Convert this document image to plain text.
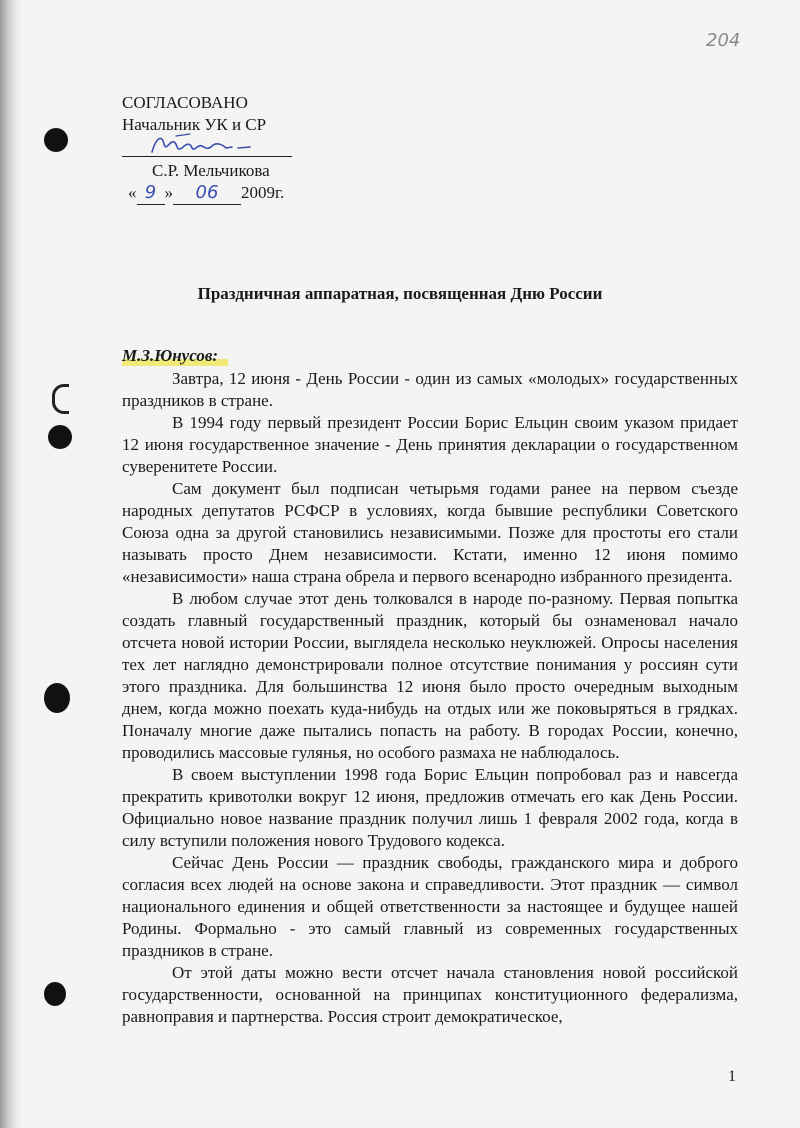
204
СОГЛАСОВАНО
Начальник УК и СР
С.Р. Мельчикова
« 9 » 06 2009г.
Праздничная аппаратная, посвященная Дню России
М.З.Юнусов:

Завтра, 12 июня - День России - один из самых «молодых» государственных праздников в стране.

В 1994 году первый президент России Борис Ельцин своим указом придает 12 июня государственное значение - День принятия декларации о государственном суверенитете России.

Сам документ был подписан четырьмя годами ранее на первом съезде народных депутатов РСФСР в условиях, когда бывшие республики Советского Союза одна за другой становились независимыми. Позже для простоты его стали называть просто Днем независимости. Кстати, именно 12 июня помимо «независимости» наша страна обрела и первого всенародно избранного президента.

В любом случае этот день толковался в народе по-разному. Первая попытка создать главный государственный праздник, который бы ознаменовал начало отсчета новой истории России, выглядела несколько неуклюжей. Опросы населения тех лет наглядно демонстрировали полное отсутствие понимания у россиян сути этого праздника. Для большинства 12 июня было просто очередным выходным днем, когда можно поехать куда-нибудь на отдых или же поковыряться в грядках. Поначалу многие даже пытались попасть на работу. В городах России, конечно, проводились массовые гулянья, но особого размаха не наблюдалось.

В своем выступлении 1998 года Борис Ельцин попробовал раз и навсегда прекратить кривотолки вокруг 12 июня, предложив отмечать его как День России. Официально новое название праздник получил лишь 1 февраля 2002 года, когда в силу вступили положения нового Трудового кодекса.

Сейчас День России — праздник свободы, гражданского мира и доброго согласия всех людей на основе закона и справедливости. Этот праздник — символ национального единения и общей ответственности за настоящее и будущее нашей Родины. Формально - это самый главный из современных государственных праздников в стране.

От этой даты можно вести отсчет начала становления новой российской государственности, основанной на принципах конституционного федерализма, равноправия и партнерства. Россия строит демократическое,

1
